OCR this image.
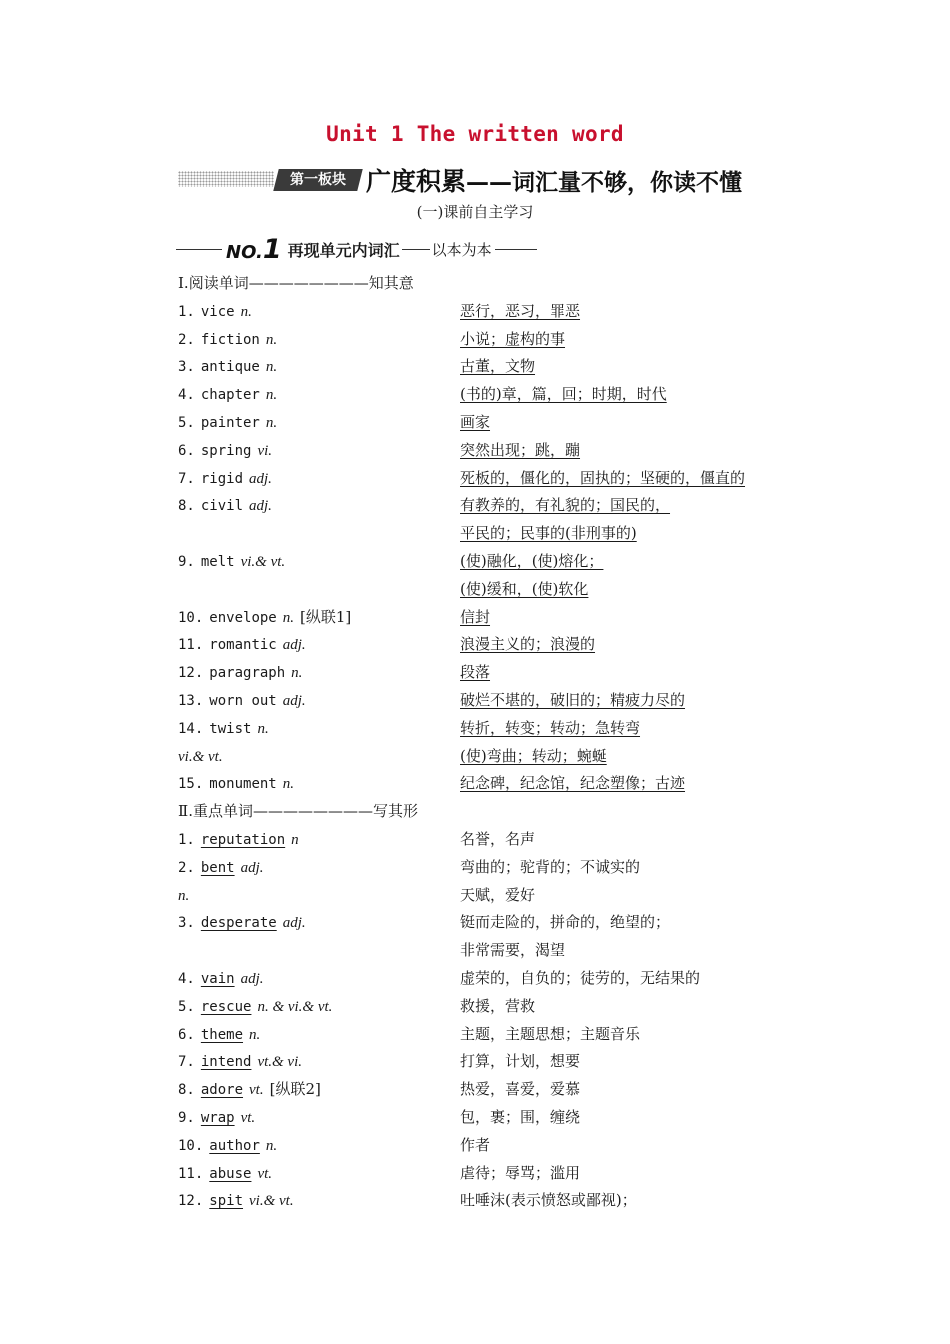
Unit 1 The written word
第一板块 广度积累——词汇量不够，你读不懂
(一)课前自主学习
NO.1 再现单元内词汇 以本为本
Ⅰ.阅读单词————————知其意
1. vice n.	恶行，恶习，罪恶
2. fiction n.	小说；虚构的事
3. antique n.	古董，文物
4. chapter n.	(书的)章，篇，回；时期，时代
5. painter n.	画家
6. spring vi.	突然出现；跳，蹦
7. rigid adj.	死板的，僵化的，固执的；坚硬的，僵直的
8. civil adj.	有教养的，有礼貌的；国民的，
平民的；民事的(非刑事的)
9. melt vi.& vt.	(使)融化，(使)熔化；
(使)缓和，(使)软化
10. envelope n. [纵联1]	信封
11. romantic adj.	浪漫主义的；浪漫的
12. paragraph n.	段落
13. worn out adj.	破烂不堪的，破旧的；精疲力尽的
14. twist n.	转折，转变；转动；急转弯
vi.& vt.	(使)弯曲；转动；蜿蜒
15. monument n.	纪念碑，纪念馆，纪念塑像；古迹
Ⅱ.重点单词————————写其形
1. reputation n	名誉，名声
2. bent adj.	弯曲的；驼背的；不诚实的
n.	天赋，爱好
3. desperate adj.	铤而走险的，拼命的，绝望的；
非常需要，渴望
4. vain adj.	虚荣的，自负的；徒劳的，无结果的
5. rescue n. & vi.& vt.	救援，营救
6. theme n.	主题，主题思想；主题音乐
7. intend vt.& vi.	打算，计划，想要
8. adore vt. [纵联2]	热爱，喜爱，爱慕
9. wrap vt.	包，裹；围，缠绕
10. author n.	作者
11. abuse vt.	虐待；辱骂；滥用
12. spit vi.& vt.	吐唾沫(表示愤怒或鄙视)；
